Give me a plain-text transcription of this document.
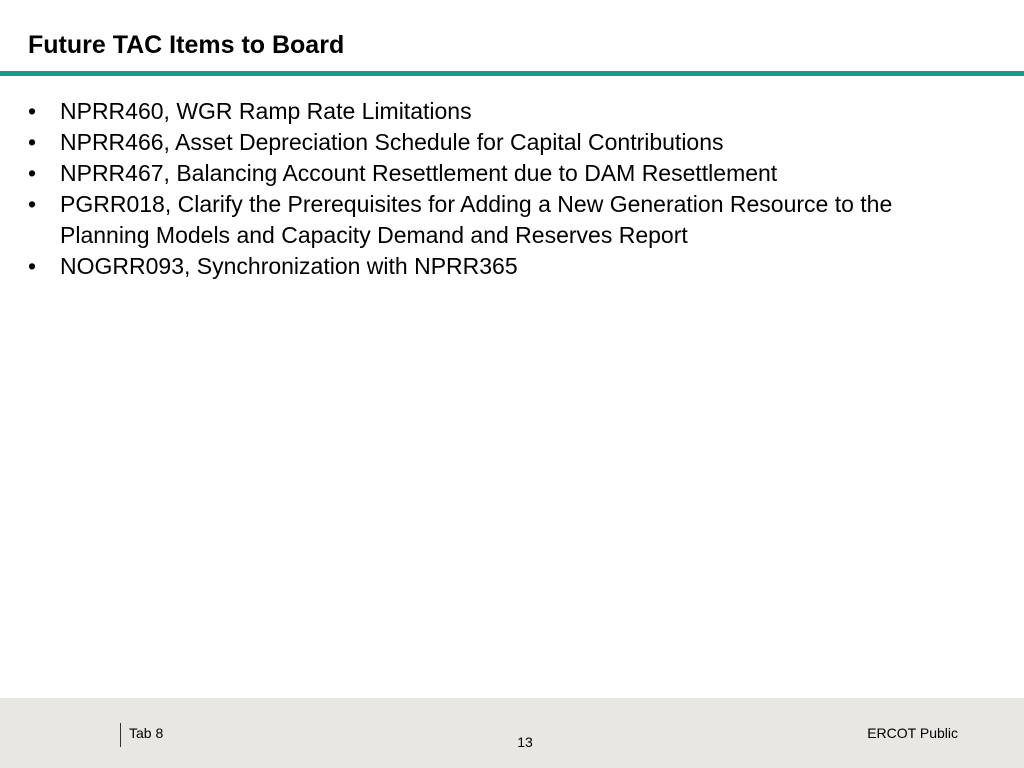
Future TAC Items to Board
•	NPRR460, WGR Ramp Rate Limitations
•	NPRR466, Asset Depreciation Schedule for Capital Contributions
•	NPRR467, Balancing Account Resettlement due to DAM Resettlement
•	PGRR018, Clarify the Prerequisites for Adding a New Generation Resource to the Planning Models and Capacity Demand and Reserves Report
•	NOGRR093, Synchronization with NPRR365
Tab 8
13
ERCOT Public
